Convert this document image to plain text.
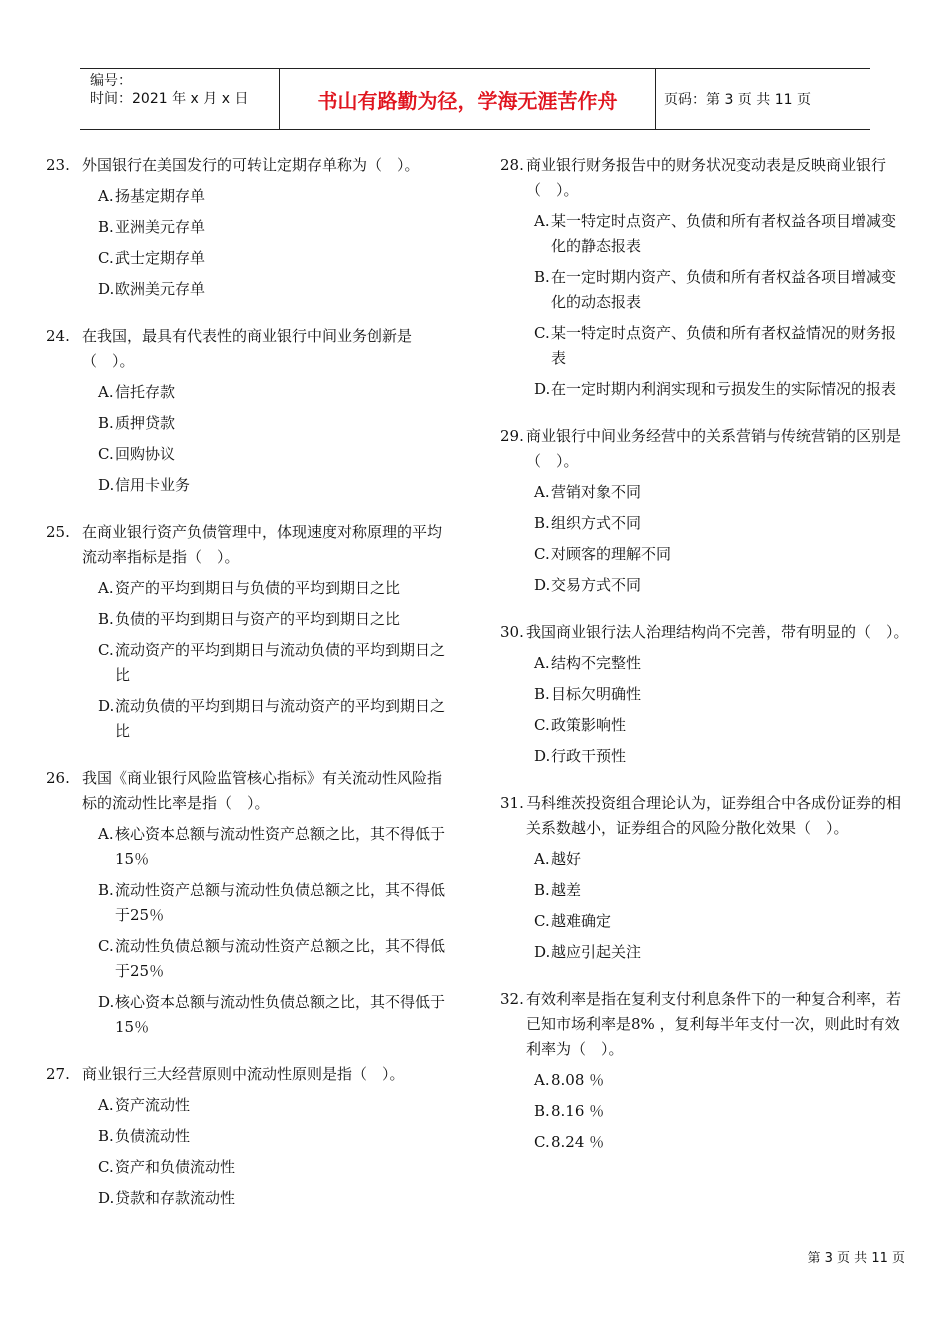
编号：
时间：2021 年 x 月 x 日	书山有路勤为径，学海无涯苦作舟	页码：第 3 页 共 11 页
23. 外国银行在美国发行的可转让定期存单称为（　）。
A. 扬基定期存单
B. 亚洲美元存单
C. 武士定期存单
D. 欧洲美元存单
24. 在我国，最具有代表性的商业银行中间业务创新是（　）。
A. 信托存款
B. 质押贷款
C. 回购协议
D. 信用卡业务
25. 在商业银行资产负债管理中，体现速度对称原理的平均流动率指标是指（　）。
A. 资产的平均到期日与负债的平均到期日之比
B. 负债的平均到期日与资产的平均到期日之比
C. 流动资产的平均到期日与流动负债的平均到期日之比
D. 流动负债的平均到期日与流动资产的平均到期日之比
26. 我国《商业银行风险监管核心指标》有关流动性风险指标的流动性比率是指（　）。
A. 核心资本总额与流动性资产总额之比，其不得低于15％
B. 流动性资产总额与流动性负债总额之比，其不得低于25％
C. 流动性负债总额与流动性资产总额之比，其不得低于25％
D. 核心资本总额与流动性负债总额之比，其不得低于15％
27. 商业银行三大经营原则中流动性原则是指（　）。
A. 资产流动性
B. 负债流动性
C. 资产和负债流动性
D. 贷款和存款流动性
28. 商业银行财务报告中的财务状况变动表是反映商业银行（　）。
A. 某一特定时点资产、负债和所有者权益各项目增减变化的静态报表
B. 在一定时期内资产、负债和所有者权益各项目增减变化的动态报表
C. 某一特定时点资产、负债和所有者权益情况的财务报表
D. 在一定时期内利润实现和亏损发生的实际情况的报表
29. 商业银行中间业务经营中的关系营销与传统营销的区别是（　）。
A. 营销对象不同
B. 组织方式不同
C. 对顾客的理解不同
D. 交易方式不同
30. 我国商业银行法人治理结构尚不完善，带有明显的（　）。
A. 结构不完整性
B. 目标欠明确性
C. 政策影响性
D. 行政干预性
31. 马科维茨投资组合理论认为，证券组合中各成份证券的相关系数越小，证券组合的风险分散化效果（　）。
A. 越好
B. 越差
C. 越难确定
D. 越应引起关注
32. 有效利率是指在复利支付利息条件下的一种复合利率，若已知市场利率是8% ，复利每半年支付一次，则此时有效利率为（　）。
A. 8.08 ％
B. 8.16 ％
C. 8.24 ％
第 3 页 共 11 页
